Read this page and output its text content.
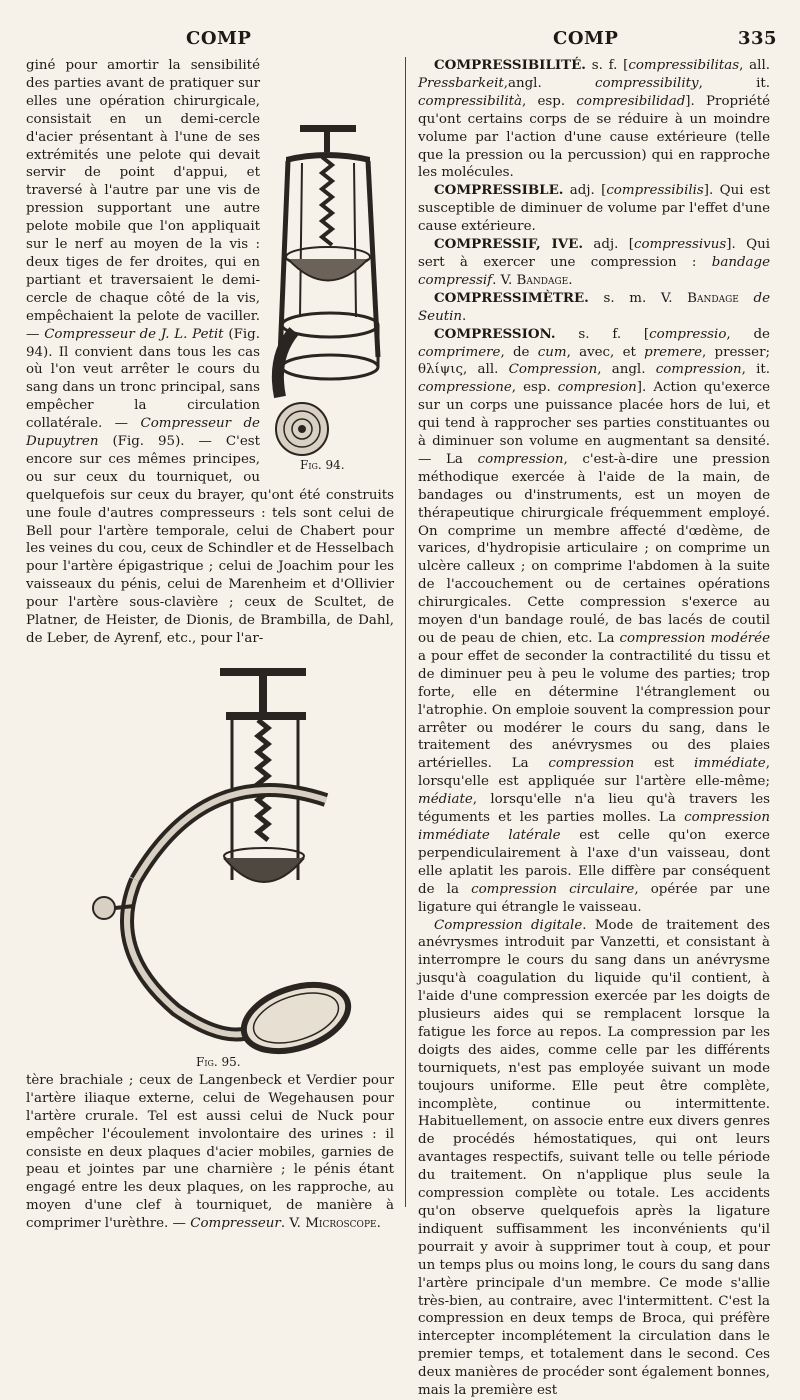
COMP	COMP	335
Fig. 94.

giné pour amortir la sensibilité des parties avant de pratiquer sur elles une opération chirurgicale, consistait en un demi-cercle d'acier présentant à l'une de ses extrémités une pelote qui devait servir de point d'appui, et traversé à l'autre par une vis de pression supportant une autre pelote mobile que l'on appliquait sur le nerf au moyen de la vis : deux tiges de fer droites, qui en partiant et traversaient le demi-cercle de chaque côté de la vis, empêchaient la pelote de vaciller. — Compresseur de J. L. Petit (Fig. 94). Il convient dans tous les cas où l'on veut arrêter le cours du sang dans un tronc principal, sans empêcher la circulation collatérale. — Compresseur de Dupuytren (Fig. 95). — C'est encore sur ces mêmes principes, ou sur ceux du tourniquet, ou quelquefois sur ceux du brayer, qu'ont été construits une foule d'autres compresseurs : tels sont celui de Bell pour l'artère temporale, celui de Chabert pour les veines du cou, ceux de Schindler et de Hesselbach pour l'artère épigastrique ; celui de Joachim pour les vaisseaux du pénis, celui de Marenheim et d'Ollivier pour l'artère sous-clavière ; ceux de Scultet, de Platner, de Heister, de Dionis, de Brambilla, de Dahl, de Leber, de Ayrenf, etc., pour l'ar-

Fig. 95.

tère brachiale ; ceux de Langenbeck et Verdier pour l'artère iliaque externe, celui de Wegehausen pour l'artère crurale. Tel est aussi celui de Nuck pour empêcher l'écoulement involontaire des urines : il consiste en deux plaques d'acier mobiles, garnies de peau et jointes par une charnière ; le pénis étant engagé entre les deux plaques, on les rapproche, au moyen d'une clef à tourniquet, de manière à comprimer l'urèthre. — Compresseur. V. Microscope.

COMPRESSIBILITÉ. s. f. [compressibilitas, all. Pressbarkeit,angl.	compressibility, it. compressibilità, esp. compresibilidad]. Propriété qu'ont certains corps de se réduire à un moindre volume par l'action d'une cause extérieure (telle que la pression ou la percussion) qui en rapproche les molécules.

COMPRESSIBLE. adj. [compressibilis]. Qui est susceptible de diminuer de volume par l'effet d'une cause extérieure.

COMPRESSIF, IVE. adj. [compressivus]. Qui sert à exercer une compression : bandage compressif. V. Bandage.

COMPRESSIMÈTRE. s. m. V. Bandage de Seutin.

COMPRESSION. s. f. [compressio, de comprimere, de cum, avec, et premere, presser; θλίψις, all. Compression, angl. compression, it. compressione, esp. compresion]. Action qu'exerce sur un corps une puissance placée hors de lui, et qui tend à rapprocher ses parties constituantes ou à diminuer son volume en augmentant sa densité. — La compression, c'est-à-dire une pression méthodique exercée à l'aide de la main, de bandages ou d'instruments, est un moyen de thérapeutique chirurgicale fréquemment employé. On comprime un membre affecté d'œdème, de varices, d'hydropisie articulaire ; on comprime un ulcère calleux ; on comprime l'abdomen à la suite de l'accouchement ou de certaines opérations chirurgicales. Cette compression s'exerce au moyen d'un bandage roulé, de bas lacés de coutil ou de peau de chien, etc. La compression modérée a pour effet de seconder la contractilité du tissu et de diminuer peu à peu le volume des parties; trop forte, elle en détermine l'étranglement ou l'atrophie. On emploie souvent la compression pour arrêter ou modérer le cours du sang, dans le traitement des anévrysmes ou des plaies artérielles. La compression est immédiate, lorsqu'elle est appliquée sur l'artère elle-même; médiate, lorsqu'elle n'a lieu qu'à travers les téguments et les parties molles. La compression immédiate latérale est celle qu'on exerce perpendiculairement à l'axe d'un vaisseau, dont elle aplatit les parois. Elle diffère par conséquent de la compression circulaire, opérée par une ligature qui étrangle le vaisseau.

Compression digitale. Mode de traitement des anévrysmes introduit par Vanzetti, et consistant à interrompre le cours du sang dans un anévrysme jusqu'à coagulation du liquide qu'il contient, à l'aide d'une compression exercée par les doigts de plusieurs aides qui se remplacent lorsque la fatigue les force au repos. La compression par les doigts des aides, comme celle par les différents tourniquets, n'est pas employée suivant un mode toujours uniforme. Elle peut être complète, incomplète, continue ou intermittente. Habituellement, on associe entre eux divers genres de procédés hémostatiques, qui ont leurs avantages respectifs, suivant telle ou telle période du traitement. On n'applique plus seule la compression complète ou totale. Les accidents qu'on observe quelquefois après la ligature indiquent suffisamment les inconvénients qu'il pourrait y avoir à supprimer tout à coup, et pour un temps plus ou moins long, le cours du sang dans l'artère principale d'un membre. Ce mode s'allie très-bien, au contraire, avec l'intermittent. C'est la compression en deux temps de Broca, qui préfère intercepter incomplétement la circulation dans le premier temps, et totalement dans le second. Ces deux manières de procéder sont également bonnes, mais la première est
